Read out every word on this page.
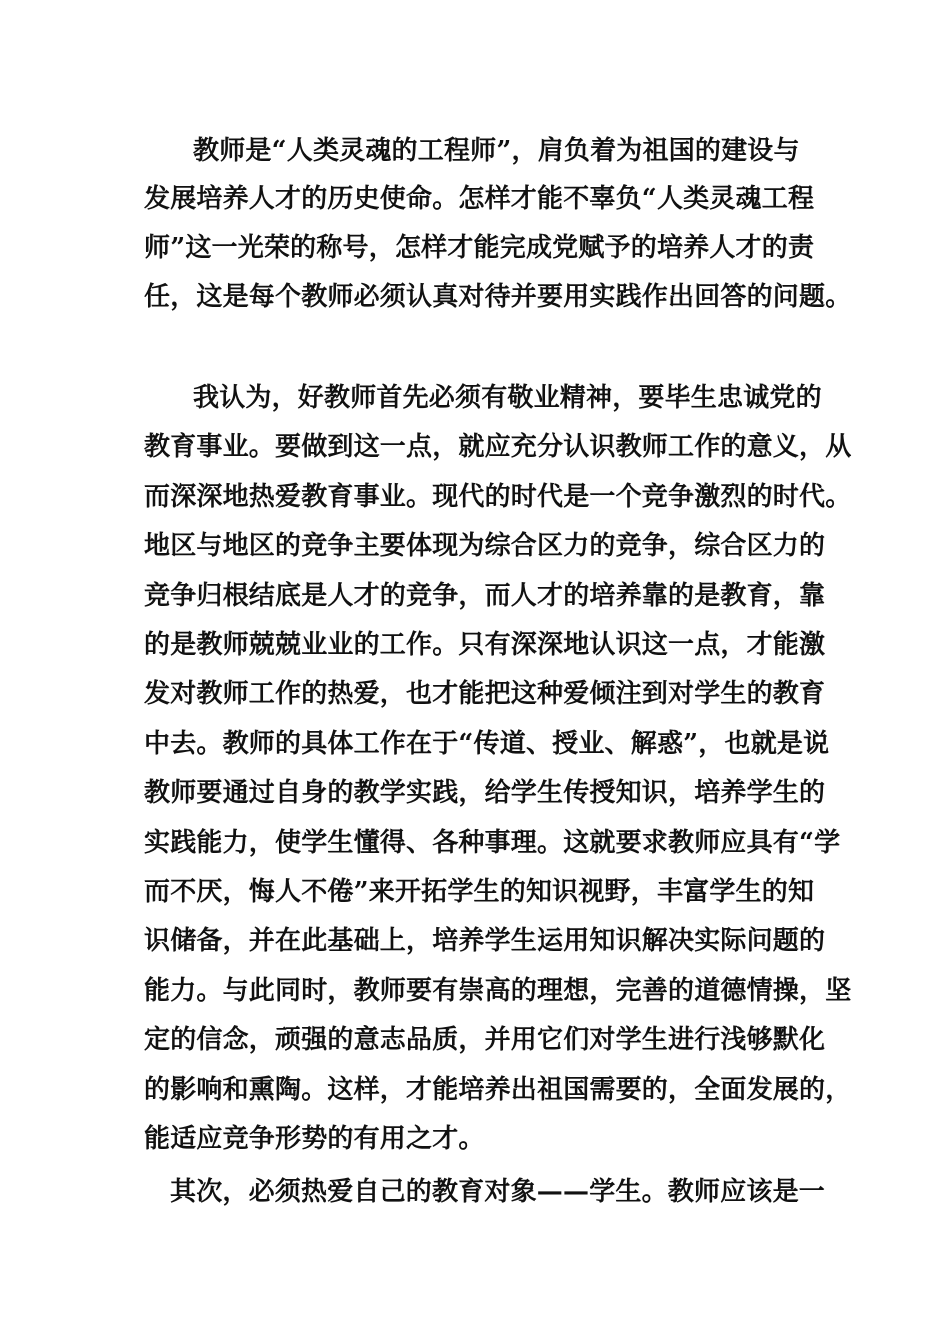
教师是“人类灵魂的工程师”，肩负着为祖国的建设与
发展培养人才的历史使命。怎样才能不辜负“人类灵魂工程
师”这一光荣的称号，怎样才能完成党赋予的培养人才的责
任，这是每个教师必须认真对待并要用实践作出回答的问题。
我认为，好教师首先必须有敬业精神，要毕生忠诚党的
教育事业。要做到这一点，就应充分认识教师工作的意义，从
而深深地热爱教育事业。现代的时代是一个竞争激烈的时代。
地区与地区的竞争主要体现为综合区力的竞争，综合区力的
竞争归根结底是人才的竞争，而人才的培养靠的是教育，靠
的是教师兢兢业业的工作。只有深深地认识这一点，才能激
发对教师工作的热爱，也才能把这种爱倾注到对学生的教育
中去。教师的具体工作在于“传道、授业、解惑”，也就是说
教师要通过自身的教学实践，给学生传授知识，培养学生的
实践能力，使学生懂得、各种事理。这就要求教师应具有“学
而不厌，悔人不倦”来开拓学生的知识视野，丰富学生的知
识储备，并在此基础上，培养学生运用知识解决实际问题的
能力。与此同时，教师要有崇高的理想，完善的道德情操，坚
定的信念，顽强的意志品质，并用它们对学生进行浅够默化
的影响和熏陶。这样，才能培养出祖国需要的，全面发展的，
能适应竞争形势的有用之才。
其次，必须热爱自己的教育对象——学生。教师应该是一
